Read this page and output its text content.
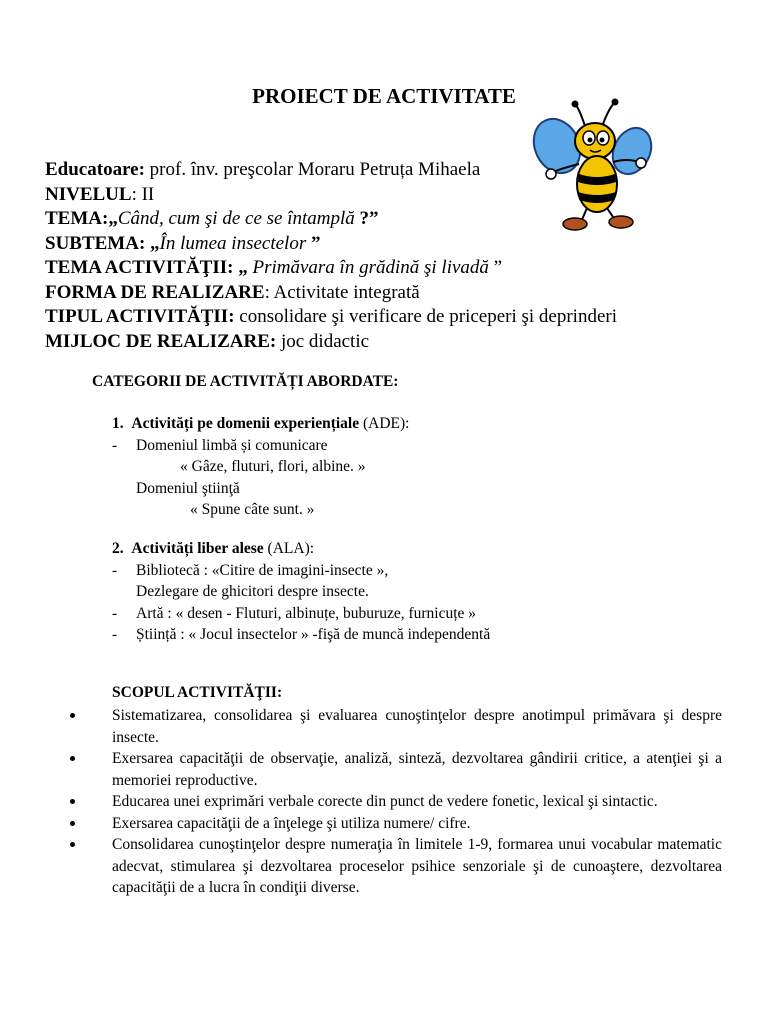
PROIECT DE ACTIVITATE
Educatoare: prof. înv. preşcolar Moraru Petruța Mihaela
NIVELUL: II
TEMA:„Când, cum şi de ce se întamplă ?”
SUBTEMA: „În lumea insectelor ”
TEMA ACTIVITĂŢII: „ Primăvara în grădină şi livadă ”
FORMA DE REALIZARE: Activitate integrată
TIPUL ACTIVITĂŢII: consolidare şi verificare de priceperi şi deprinderi
MIJLOC DE REALIZARE: joc didactic
CATEGORII DE ACTIVITĂȚI ABORDATE:
1. Activități pe domenii experiențiale (ADE):
- Domeniul limbă și comunicare
« Gâze, fluturi, flori, albine. »
Domeniul ştiinţă
« Spune câte sunt. »
2. Activități liber alese (ALA):
- Bibliotecă : «Citire de imagini-insecte »,
Dezlegare de ghicitori despre insecte.
- Artă : « desen - Fluturi, albinuțe, buburuze, furnicuțe »
- Știință : « Jocul insectelor » -fişă de muncă independentă
SCOPUL ACTIVITĂŢII:
Sistematizarea, consolidarea şi evaluarea cunoştinţelor despre anotimpul primăvara şi despre insecte.
Exersarea capacităţii de observaţie, analiză, sinteză, dezvoltarea gândirii critice, a atenţiei şi a memoriei reproductive.
Educarea unei exprimări verbale corecte din punct de vedere fonetic, lexical şi sintactic.
Exersarea capacităţii de a înţelege şi utiliza numere/ cifre.
Consolidarea cunoştinţelor despre numeraţia în limitele 1-9, formarea unui vocabular matematic adecvat, stimularea şi dezvoltarea proceselor psihice senzoriale şi de cunoaştere, dezvoltarea capacităţii de a lucra în condiţii diverse.
